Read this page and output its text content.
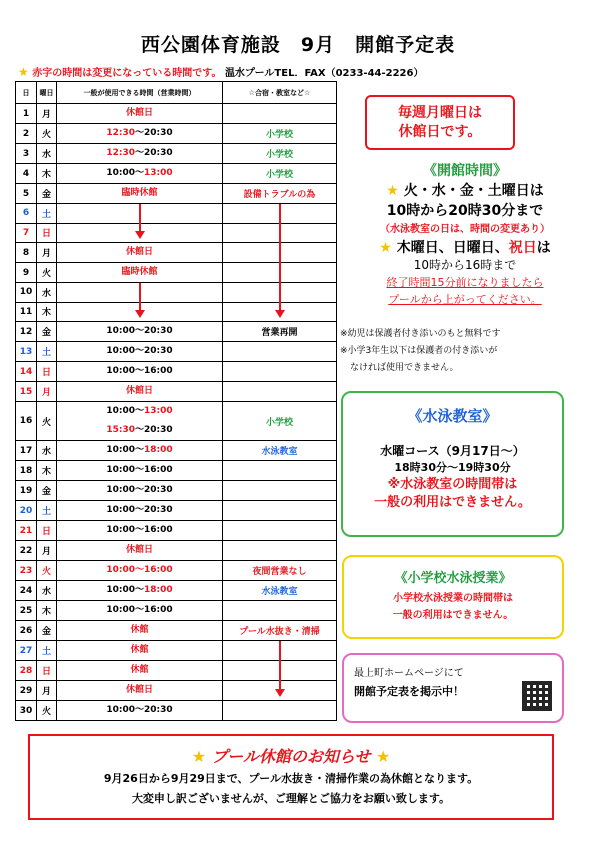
西公園体育施設　9月　開館予定表
★ 赤字の時間は変更になっている時間です。 温水プールTEL．FAX（0233-44-2226）
日	曜日	一般が使用できる時間（営業時間）	☆合宿・教室など☆
1	月	休館日	

2	火	12:30～20:30	小学校
3	水	12:30～20:30	小学校
4	木	10:00～13:00	小学校
5	金	臨時休館	設備トラブルの為
6	土		
7	日		
8	月	休館日	

9	火	臨時休館	

10	水		
11	木		
12	金	10:00～20:30	営業再開
13	土	10:00～20:30	

14	日	10:00～16:00	

15	月	休館日	

16	火	10:00～13:00
15:30～20:30	小学校
17	水	10:00～18:00	水泳教室
18	木	10:00～16:00	

19	金	10:00～20:30	

20	土	10:00～20:30	

21	日	10:00～16:00	

22	月	休館日	

23	火	10:00～16:00	夜間営業なし
24	水	10:00～18:00	水泳教室
25	木	10:00～16:00	

26	金	休館	プール水抜き・清掃
27	土	休館	

28	日	休館	

29	月	休館日	

30	火	10:00～20:30	

毎週月曜日は
休館日です。
《開館時間》
★ 火・水・金・土曜日は
10時から20時30分まで
（水泳教室の日は、時間の変更あり）
★ 木曜日、日曜日、祝日は
10時から16時まで
終了時間15分前になりましたら
プールから上がってください。
※幼児は保護者付き添いのもと無料です
※小学3年生以下は保護者の付き添いが
なければ使用できません。
《水泳教室》
水曜コース（9月17日～）
18時30分～19時30分
※水泳教室の時間帯は
一般の利用はできません。
《小学校水泳授業》
小学校水泳授業の時間帯は
一般の利用はできません。
最上町ホームページにて
開館予定表を掲示中！
★ プール休館のお知らせ ★
9月26日から9月29日まで、プール水抜き・清掃作業の為休館となります。
大変申し訳ございませんが、ご理解とご協力をお願い致します。
